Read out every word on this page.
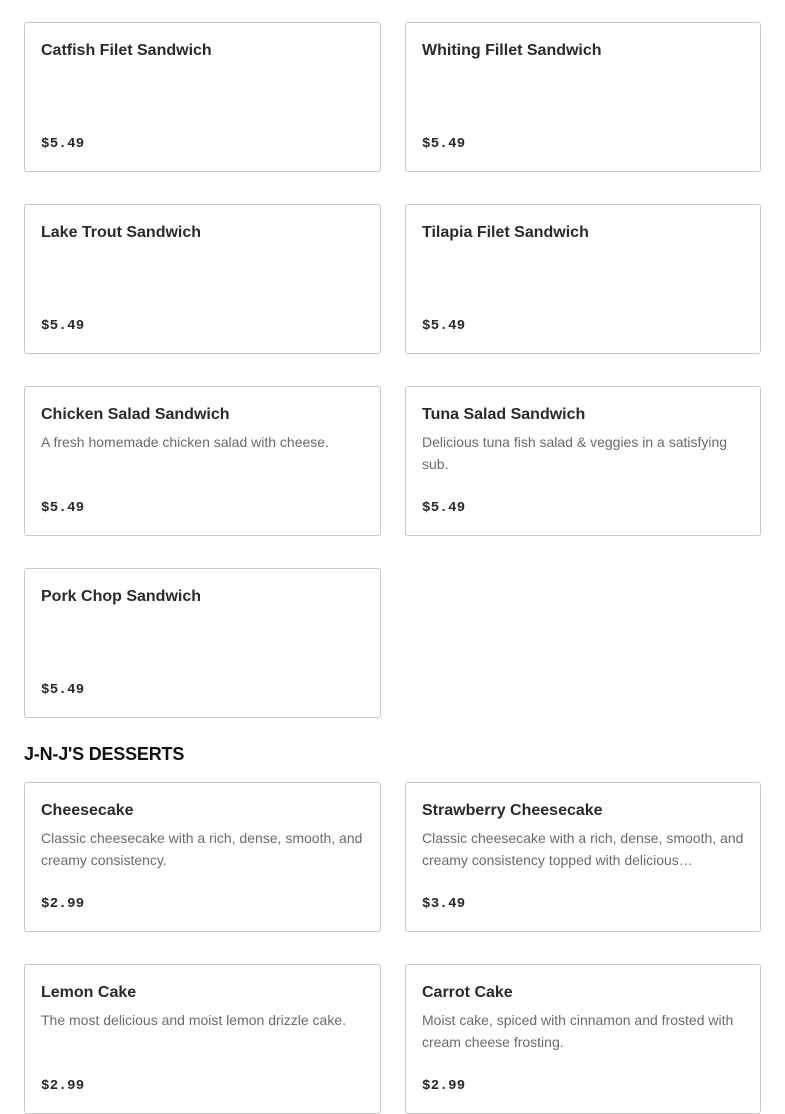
Catfish Filet Sandwich
$5.49
Whiting Fillet Sandwich
$5.49
Lake Trout Sandwich
$5.49
Tilapia Filet Sandwich
$5.49
Chicken Salad Sandwich
A fresh homemade chicken salad with cheese.
$5.49
Tuna Salad Sandwich
Delicious tuna fish salad & veggies in a satisfying sub.
$5.49
Pork Chop Sandwich
$5.49
J-N-J'S DESSERTS
Cheesecake
Classic cheesecake with a rich, dense, smooth, and creamy consistency.
$2.99
Strawberry Cheesecake
Classic cheesecake with a rich, dense, smooth, and creamy consistency topped with delicious…
$3.49
Lemon Cake
The most delicious and moist lemon drizzle cake.
$2.99
Carrot Cake
Moist cake, spiced with cinnamon and frosted with cream cheese frosting.
$2.99
